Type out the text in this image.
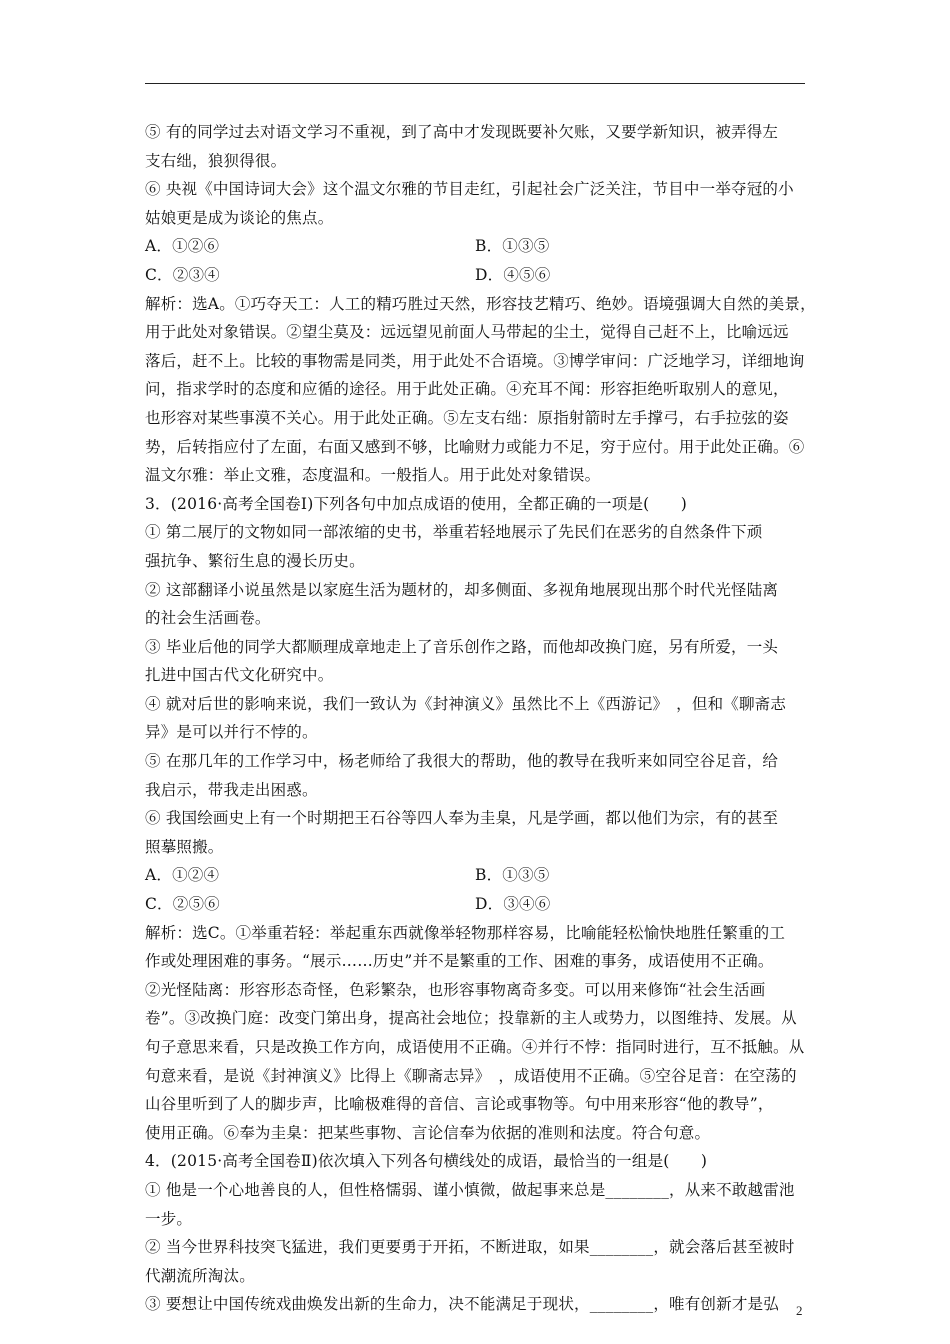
⑤ 有的同学过去对语文学习不重视，到了高中才发现既要补欠账，又要学新知识，被弄得左
支右绌，狼狈得很。
⑥ 央视《中国诗词大会》这个温文尔雅的节目走红，引起社会广泛关注，节目中一举夺冠的小
姑娘更是成为谈论的焦点。
A．①②⑥	B．①③⑤
C．②③④	D．④⑤⑥
解析：选A。①巧夺天工：人工的精巧胜过天然，形容技艺精巧、绝妙。语境强调大自然的美景，
用于此处对象错误。②望尘莫及：远远望见前面人马带起的尘土，觉得自己赶不上，比喻远远
落后，赶不上。比较的事物需是同类，用于此处不合语境。③博学审问：广泛地学习，详细地询
问，指求学时的态度和应循的途径。用于此处正确。④充耳不闻：形容拒绝听取别人的意见，
也形容对某些事漠不关心。用于此处正确。⑤左支右绌：原指射箭时左手撑弓，右手拉弦的姿
势，后转指应付了左面，右面又感到不够，比喻财力或能力不足，穷于应付。用于此处正确。⑥
温文尔雅：举止文雅，态度温和。一般指人。用于此处对象错误。
3．(2016·高考全国卷Ⅰ)下列各句中加点成语的使用，全都正确的一项是(　　)
① 第二展厅的文物如同一部浓缩的史书，举重若轻地展示了先民们在恶劣的自然条件下顽
强抗争、繁衍生息的漫长历史。
② 这部翻译小说虽然是以家庭生活为题材的，却多侧面、多视角地展现出那个时代光怪陆离
的社会生活画卷。
③ 毕业后他的同学大都顺理成章地走上了音乐创作之路，而他却改换门庭，另有所爱，一头
扎进中国古代文化研究中。
④ 就对后世的影响来说，我们一致认为《封神演义》虽然比不上《西游记》　，但和《聊斋志
异》是可以并行不悖的。
⑤ 在那几年的工作学习中，杨老师给了我很大的帮助，他的教导在我听来如同空谷足音，给
我启示，带我走出困惑。
⑥ 我国绘画史上有一个时期把王石谷等四人奉为圭臬，凡是学画，都以他们为宗，有的甚至
照摹照搬。
A．①②④	B．①③⑤
C．②⑤⑥	D．③④⑥
解析：选C。①举重若轻：举起重东西就像举轻物那样容易，比喻能轻松愉快地胜任繁重的工
作或处理困难的事务。“展示……历史”并不是繁重的工作、困难的事务，成语使用不正确。
②光怪陆离：形容形态奇怪，色彩繁杂，也形容事物离奇多变。可以用来修饰“社会生活画
卷”。③改换门庭：改变门第出身，提高社会地位；投靠新的主人或势力，以图维持、发展。从
句子意思来看，只是改换工作方向，成语使用不正确。④并行不悖：指同时进行，互不抵触。从
句意来看，是说《封神演义》比得上《聊斋志异》　，成语使用不正确。⑤空谷足音：在空荡的
山谷里听到了人的脚步声，比喻极难得的音信、言论或事物等。句中用来形容“他的教导”，
使用正确。⑥奉为圭臬：把某些事物、言论信奉为依据的准则和法度。符合句意。
4．(2015·高考全国卷Ⅱ)依次填入下列各句横线处的成语，最恰当的一组是(　　)
① 他是一个心地善良的人，但性格懦弱、谨小慎微，做起事来总是________，从来不敢越雷池
一步。
② 当今世界科技突飞猛进，我们更要勇于开拓，不断进取，如果________，就会落后甚至被时
代潮流所淘汰。
③ 要想让中国传统戏曲焕发出新的生命力，决不能满足于现状，________，唯有创新才是弘	2
